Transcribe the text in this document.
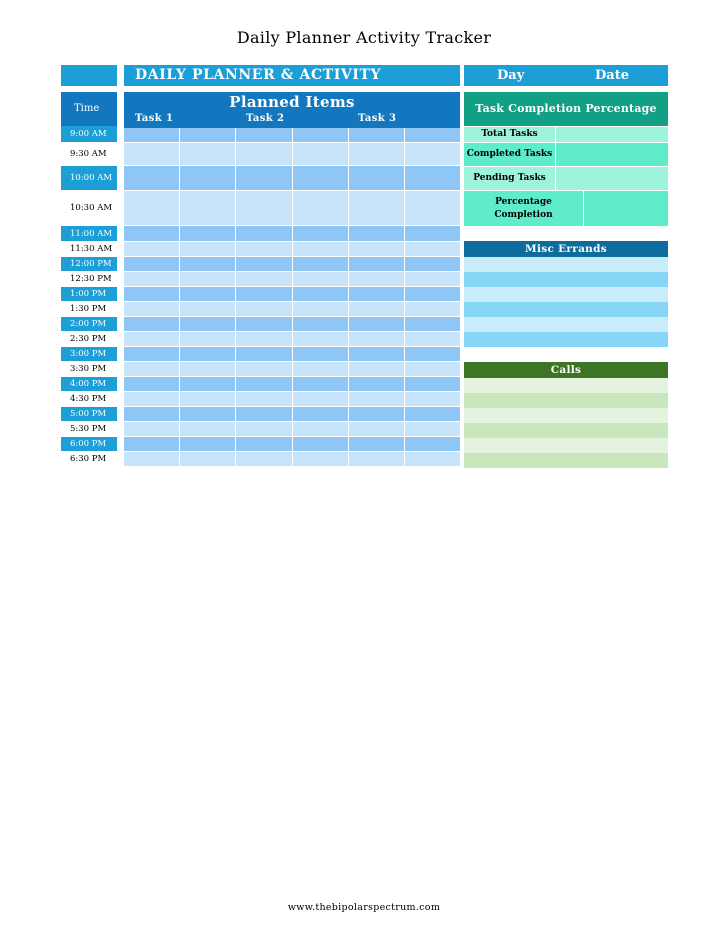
Daily Planner Activity Tracker
DAILY PLANNER & ACTIVITY	Day	Date
Time	Planned Items
Task 1	Task 2	Task 3
9:00 AM
9:30 AM
10:00 AM
10:30 AM
11:00 AM
11:30 AM
12:00 PM
12:30 PM
1:00 PM
1:30 PM
2:00 PM
2:30 PM
3:00 PM
3:30 PM
4:00 PM
4:30 PM
5:00 PM
5:30 PM
6:00 PM
6:30 PM
Task Completion Percentage
Total Tasks
Completed Tasks
Pending Tasks
Percentage Completion
Misc Errands
Calls
www.thebipolarspectrum.com
